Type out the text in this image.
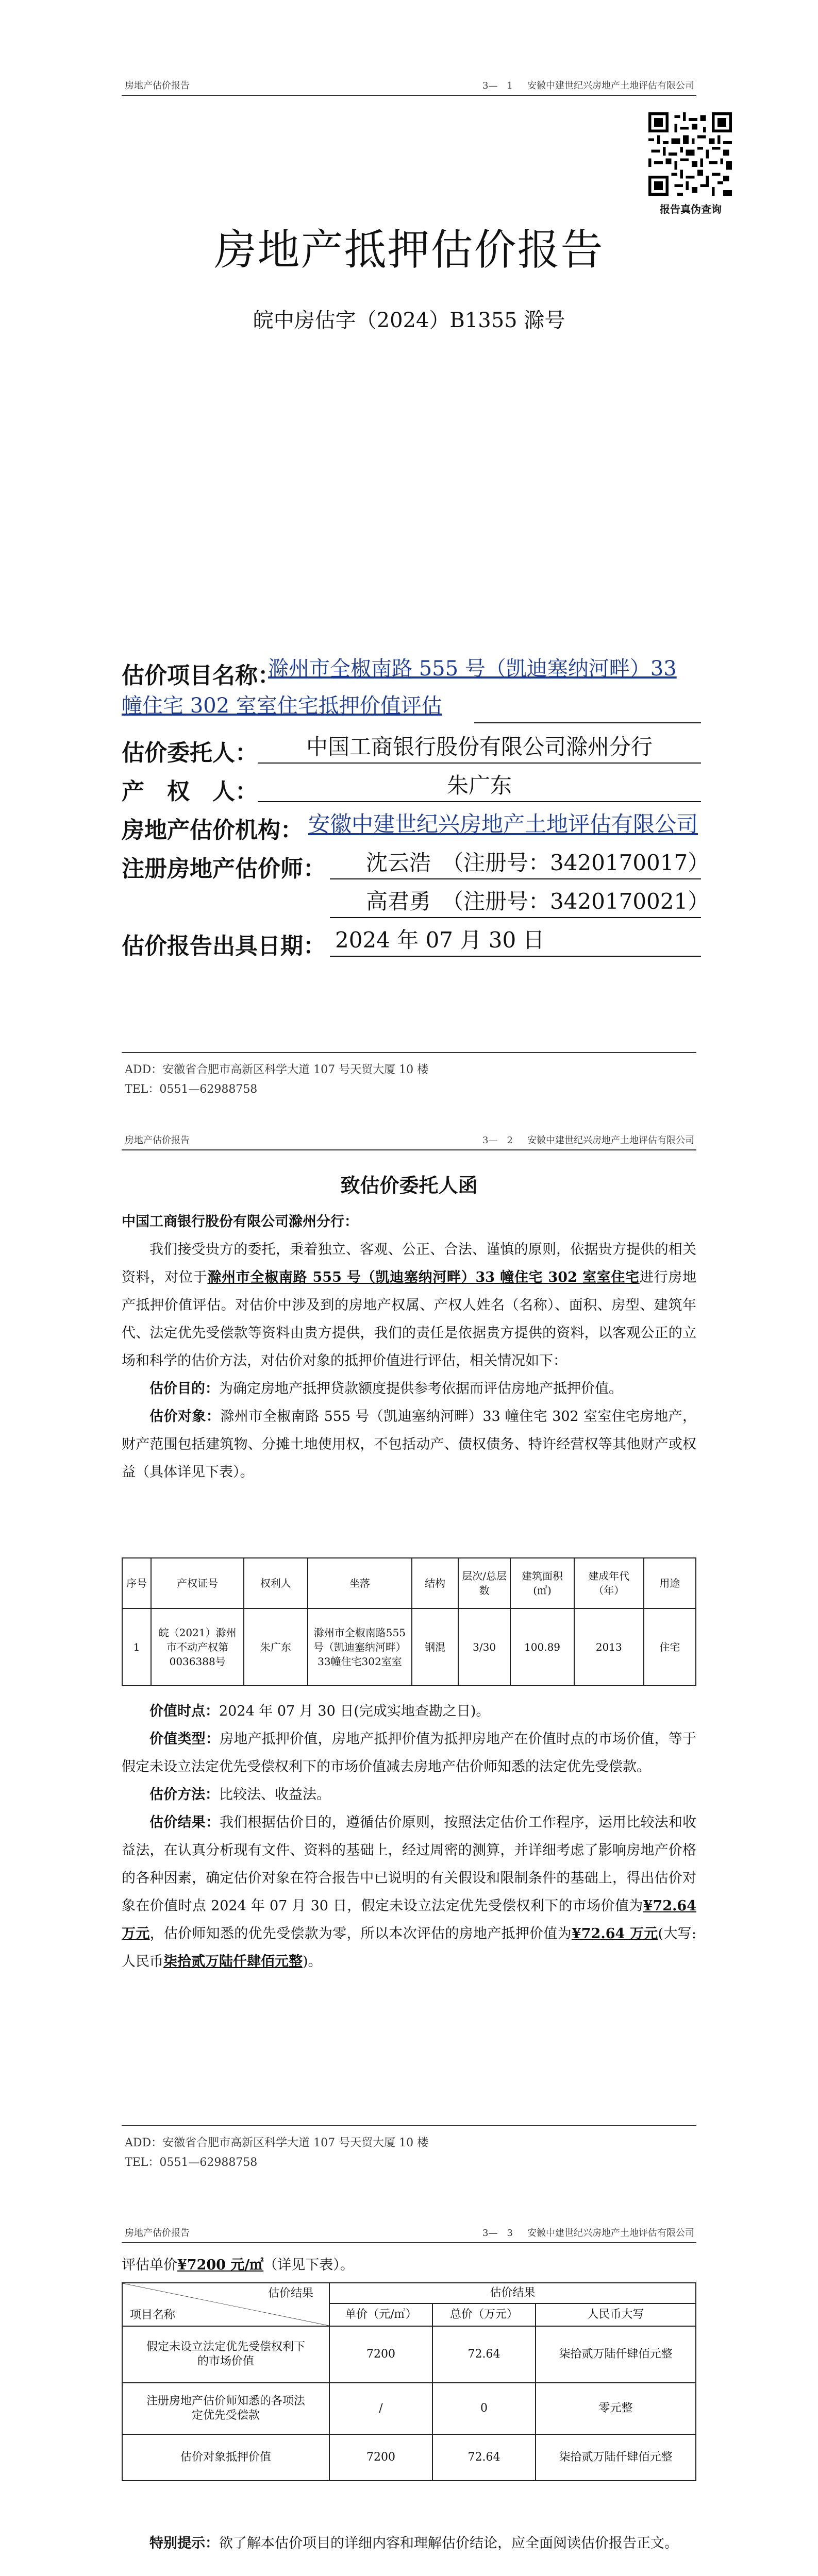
房地产估价报告	3—　1 安徽中建世纪兴房地产土地评估有限公司
报告真伪查询
房地产抵押估价报告
皖中房估字（2024）B1355 滁号
估价项目名称：
滁州市全椒南路 555 号（凯迪塞纳河畔）33
幢住宅 302 室室住宅抵押价值评估
估价委托人：	中国工商银行股份有限公司滁州分行
产　权　人：	朱广东
房地产估价机构： 安徽中建世纪兴房地产土地评估有限公司
注册房地产估价师：	沈云浩　（注册号：3420170017）
高君勇　（注册号：3420170021）
估价报告出具日期： 2024 年 07 月 30 日
ADD：安徽省合肥市高新区科学大道 107 号天贸大厦 10 楼
TEL：0551—62988758
房地产估价报告	3—　2 安徽中建世纪兴房地产土地评估有限公司
致估价委托人函
中国工商银行股份有限公司滁州分行：
我们接受贵方的委托，秉着独立、客观、公正、合法、谨慎的原则，依据贵方提供的相关资料，对位于滁州市全椒南路 555 号（凯迪塞纳河畔）33 幢住宅 302 室室住宅进行房地产抵押价值评估。对估价中涉及到的房地产权属、产权人姓名（名称）、面积、房型、建筑年代、法定优先受偿款等资料由贵方提供，我们的责任是依据贵方提供的资料，以客观公正的立场和科学的估价方法，对估价对象的抵押价值进行评估，相关情况如下：
估价目的：为确定房地产抵押贷款额度提供参考依据而评估房地产抵押价值。
估价对象：滁州市全椒南路 555 号（凯迪塞纳河畔）33 幢住宅 302 室室住宅房地产，财产范围包括建筑物、分摊土地使用权，不包括动产、债权债务、特许经营权等其他财产或权益（具体详见下表）。
序号	产权证号	权利人	坐落	结构	层次/总层数	建筑面积(㎡)	建成年代（年）	用途
1	皖（2021）滁州市不动产权第0036388号	朱广东	滁州市全椒南路555号（凯迪塞纳河畔）33幢住宅302室室	钢混	3/30	100.89	2013	住宅
价值时点：2024 年 07 月 30 日(完成实地查勘之日)。
价值类型：房地产抵押价值，房地产抵押价值为抵押房地产在价值时点的市场价值，等于假定未设立法定优先受偿权利下的市场价值减去房地产估价师知悉的法定优先受偿款。
估价方法：比较法、收益法。
估价结果：我们根据估价目的，遵循估价原则，按照法定估价工作程序，运用比较法和收益法，在认真分析现有文件、资料的基础上，经过周密的测算，并详细考虑了影响房地产价格的各种因素，确定估价对象在符合报告中已说明的有关假设和限制条件的基础上，得出估价对象在价值时点 2024 年 07 月 30 日，假定未设立法定优先受偿权利下的市场价值为¥72.64 万元，估价师知悉的优先受偿款为零，所以本次评估的房地产抵押价值为¥72.64 万元(大写:人民币柒拾贰万陆仟肆佰元整)。
ADD：安徽省合肥市高新区科学大道 107 号天贸大厦 10 楼
TEL：0551—62988758
房地产估价报告	3—　3 安徽中建世纪兴房地产土地评估有限公司
评估单价¥7200 元/㎡（详见下表）。
估价结果
项目名称	估价结果		
	单价（元/㎡）	总价（万元）	人民币大写
假定未设立法定优先受偿权利下的市场价值	7200	72.64	柒拾贰万陆仟肆佰元整
注册房地产估价师知悉的各项法定优先受偿款	/	0	零元整
估价对象抵押价值	7200	72.64	柒拾贰万陆仟肆佰元整
特别提示：欲了解本估价项目的详细内容和理解估价结论，应全面阅读估价报告正文。
